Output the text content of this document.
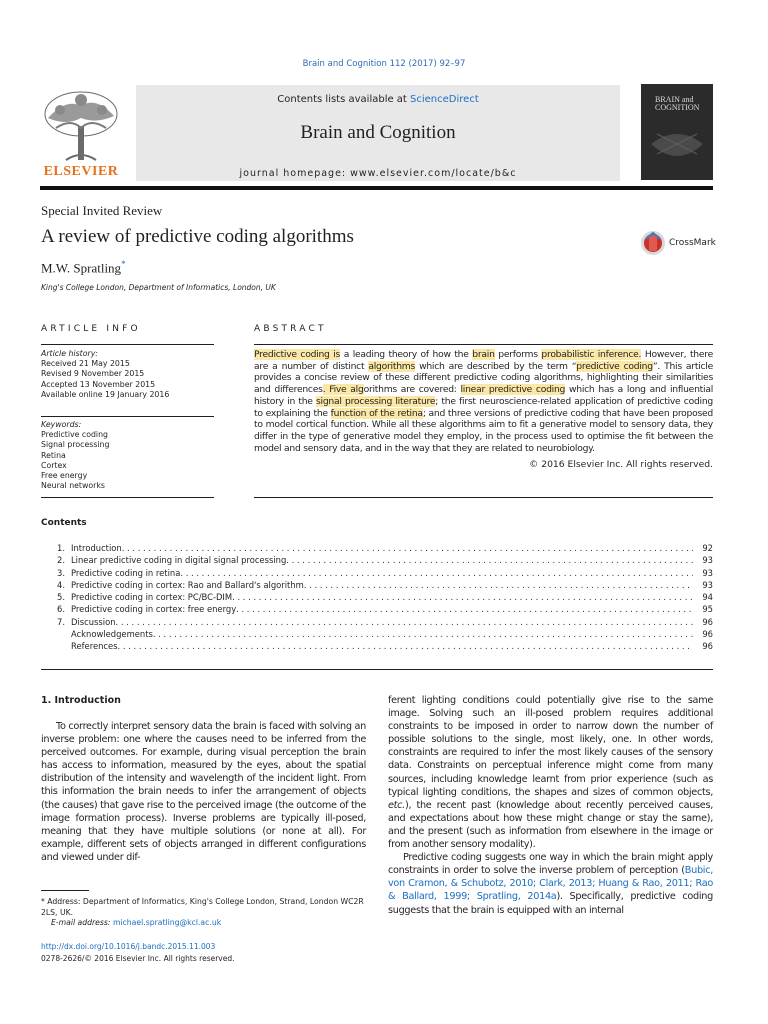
Brain and Cognition 112 (2017) 92–97
ELSEVIER
Contents lists available at ScienceDirect
Brain and Cognition
journal homepage: www.elsevier.com/locate/b&c
BRAIN and
COGNITION
Special Invited Review
A review of predictive coding algorithms
M.W. Spratling*
King's College London, Department of Informatics, London, UK
CrossMark
ARTICLE INFO	ABSTRACT
Article history:
Received 21 May 2015
Revised 9 November 2015
Accepted 13 November 2015
Available online 19 January 2016
Keywords:
Predictive coding
Signal processing
Retina
Cortex
Free energy
Neural networks
Predictive coding is a leading theory of how the brain performs probabilistic inference. However, there are a number of distinct algorithms which are described by the term “predictive coding”. This article provides a concise review of these different predictive coding algorithms, highlighting their similarities and differences. Five algorithms are covered: linear predictive coding which has a long and influential history in the signal processing literature; the first neuroscience-related application of predictive coding to explaining the function of the retina; and three versions of predictive coding that have been proposed to model cortical function. While all these algorithms aim to fit a generative model to sensory data, they differ in the type of generative model they employ, in the process used to optimise the fit between the model and sensory data, and in the way that they are related to neurobiology.
© 2016 Elsevier Inc. All rights reserved.
Contents
1. Introduction . . .	92
2. Linear predictive coding in digital signal processing . . .	93
3. Predictive coding in retina . . .	93
4. Predictive coding in cortex: Rao and Ballard's algorithm . . .	93
5. Predictive coding in cortex: PC/BC-DIM . . .	94
6. Predictive coding in cortex: free energy . . .	95
7. Discussion . . .	96
Acknowledgements . . .	96
References . . .	96
1. Introduction

To correctly interpret sensory data the brain is faced with solving an inverse problem: one where the causes need to be inferred from the perceived outcomes. For example, during visual perception the brain has access to information, measured by the eyes, about the spatial distribution of the intensity and wavelength of the incident light. From this information the brain needs to infer the arrangement of objects (the causes) that gave rise to the perceived image (the outcome of the image formation process). Inverse problems are typically ill-posed, meaning that they have multiple solutions (or none at all). For example, different sets of objects arranged in different configurations and viewed under dif-

ferent lighting conditions could potentially give rise to the same image. Solving such an ill-posed problem requires additional constraints to be imposed in order to narrow down the number of possible solutions to the single, most likely, one. In other words, constraints are required to infer the most likely causes of the sensory data. Constraints on perceptual inference might come from many sources, including knowledge learnt from prior experience (such as typical lighting conditions, the shapes and sizes of common objects, etc.), the recent past (knowledge about recently perceived causes, and expectations about how these might change or stay the same), and the present (such as information from elsewhere in the image or from another sensory modality).

Predictive coding suggests one way in which the brain might apply constraints in order to solve the inverse problem of perception (Bubic, von Cramon, & Schubotz, 2010; Clark, 2013; Huang & Rao, 2011; Rao & Ballard, 1999; Spratling, 2014a). Specifically, predictive coding suggests that the brain is equipped with an internal

* Address: Department of Informatics, King's College London, Strand, London WC2R 2LS, UK.
E-mail address: michael.spratling@kcl.ac.uk
http://dx.doi.org/10.1016/j.bandc.2015.11.003
0278-2626/© 2016 Elsevier Inc. All rights reserved.
